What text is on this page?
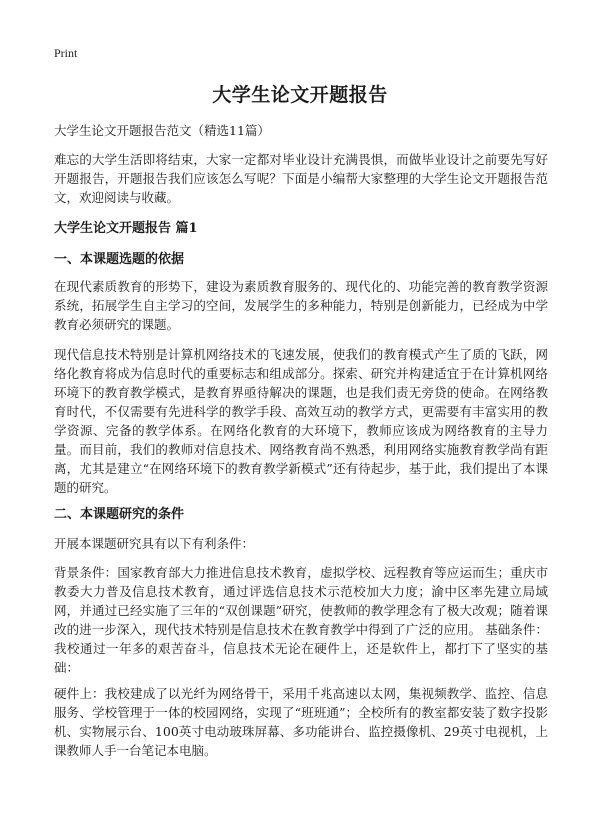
Print
大学生论文开题报告

大学生论文开题报告范文（精选11篇）

难忘的大学生活即将结束，大家一定都对毕业设计充满畏惧，而做毕业设计之前要先写好开题报告，开题报告我们应该怎么写呢？下面是小编帮大家整理的大学生论文开题报告范文，欢迎阅读与收藏。

大学生论文开题报告 篇1

一、本课题选题的依据

在现代素质教育的形势下，建设为素质教育服务的、现代化的、功能完善的教育教学资源系统，拓展学生自主学习的空间，发展学生的多种能力，特别是创新能力，已经成为中学教育必须研究的课题。

现代信息技术特别是计算机网络技术的飞速发展，使我们的教育模式产生了质的飞跃，网络化教育将成为信息时代的重要标志和组成部分。探索、研究并构建适宜于在计算机网络环境下的教育教学模式，是教育界亟待解决的课题，也是我们责无旁贷的使命。在网络教育时代，不仅需要有先进科学的教学手段、高效互动的教学方式，更需要有丰富实用的教学资源、完备的教学体系。在网络化教育的大环境下，教师应该成为网络教育的主导力量。而目前，我们的教师对信息技术、网络教育尚不熟悉，利用网络实施教育教学尚有距离，尤其是建立“在网络环境下的教育教学新模式”还有待起步，基于此，我们提出了本课题的研究。

二、本课题研究的条件

开展本课题研究具有以下有利条件：

背景条件：国家教育部大力推进信息技术教育，虚拟学校、远程教育等应运而生；重庆市教委大力普及信息技术教育，通过评选信息技术示范校加大力度；渝中区率先建立局域网，并通过已经实施了三年的“双创课题”研究，使教师的教学理念有了极大改观；随着课改的进一步深入，现代技术特别是信息技术在教育教学中得到了广泛的应用。 基础条件：我校通过一年多的艰苦奋斗，信息技术无论在硬件上，还是软件上，都打下了坚实的基础：

硬件上：我校建成了以光纤为网络骨干，采用千兆高速以太网，集视频教学、监控、信息服务、学校管理于一体的校园网络，实现了“班班通”；全校所有的教室都安装了数字投影机、实物展示台、100英寸电动玻珠屏幕、多功能讲台、监控摄像机、29英寸电视机，上课教师人手一台笔记本电脑。
